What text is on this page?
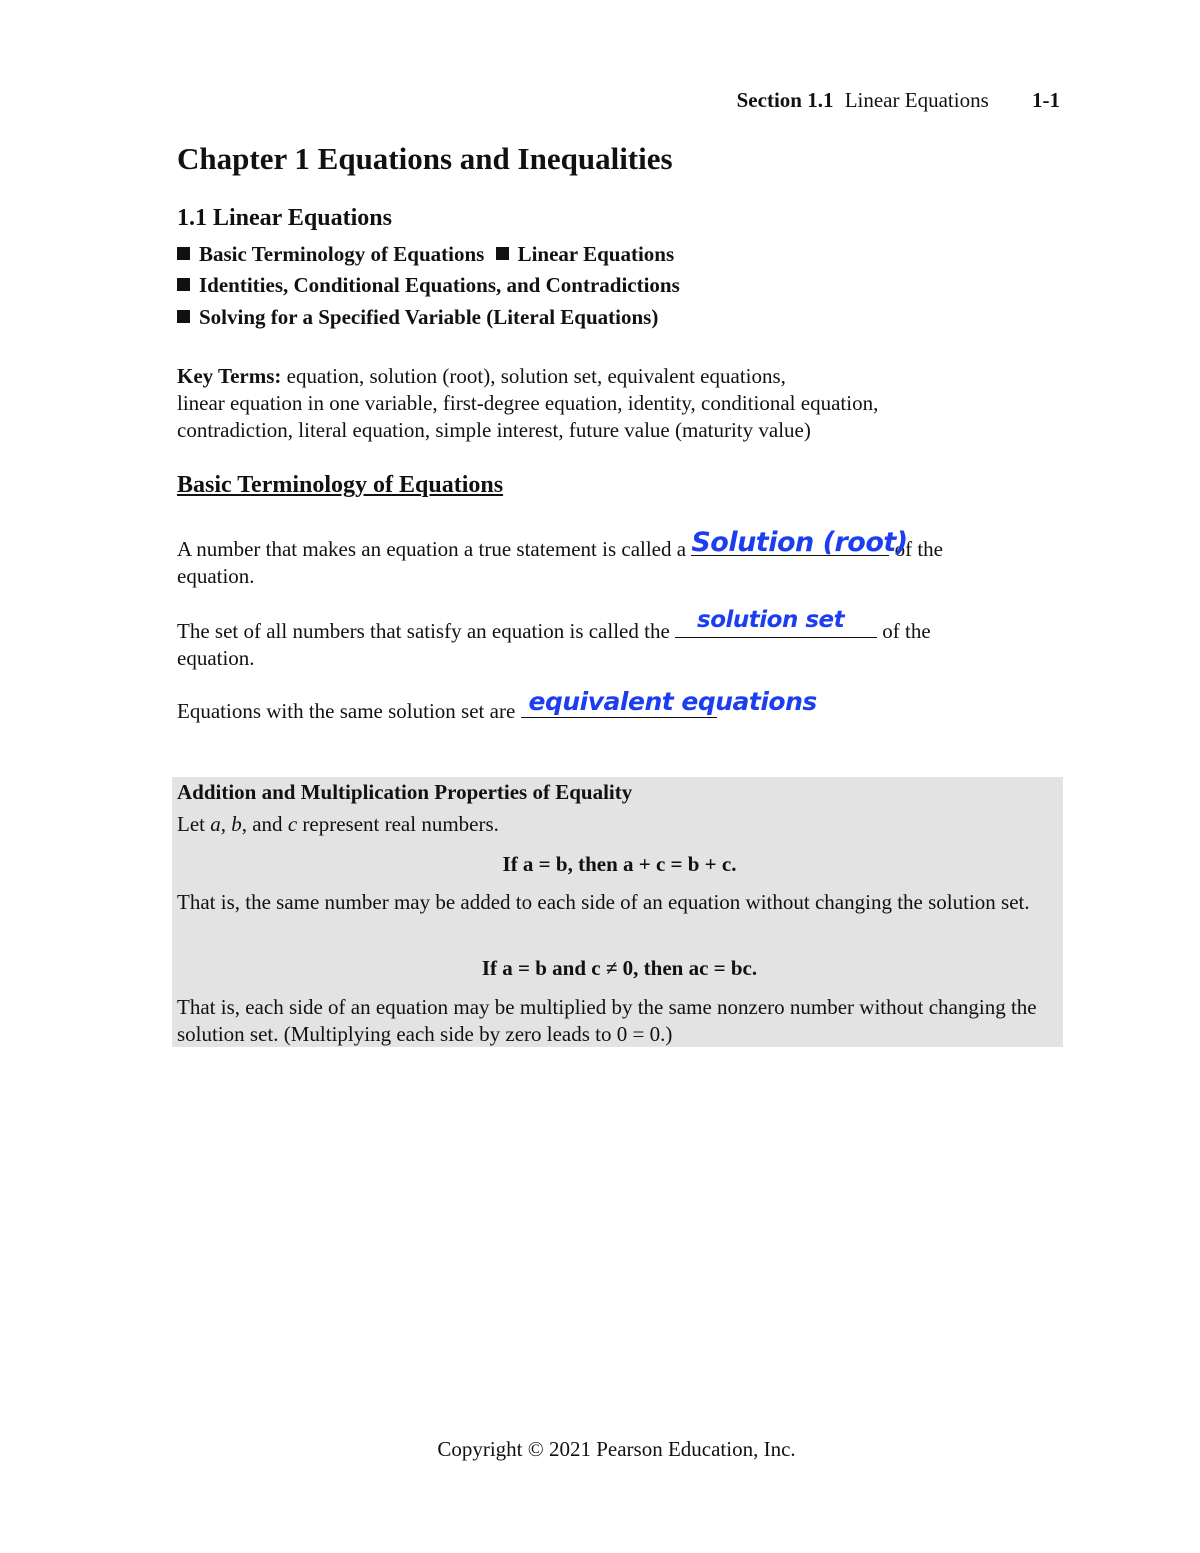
Section 1.1 Linear Equations 1-1
Chapter 1 Equations and Inequalities
1.1 Linear Equations
Basic Terminology of Equations Linear Equations
Identities, Conditional Equations, and Contradictions
Solving for a Specified Variable (Literal Equations)
Key Terms: equation, solution (root), solution set, equivalent equations,
linear equation in one variable, first-degree equation, identity, conditional equation,
contradiction, literal equation, simple interest, future value (maturity value)
Basic Terminology of Equations
A number that makes an equation a true statement is called a Solution (root)
of the
equation.
The set of all numbers that satisfy an equation is called the solution set of the
equation.
Equations with the same solution set are equivalent equations
Addition and Multiplication Properties of Equality
Let a, b, and c represent real numbers.
If a = b, then a + c = b + c.
That is, the same number may be added to each side of an equation without changing the solution set.
If a = b and c ≠ 0, then ac = bc.
That is, each side of an equation may be multiplied by the same nonzero number without changing the solution set. (Multiplying each side by zero leads to 0 = 0.)
Copyright © 2021 Pearson Education, Inc.
